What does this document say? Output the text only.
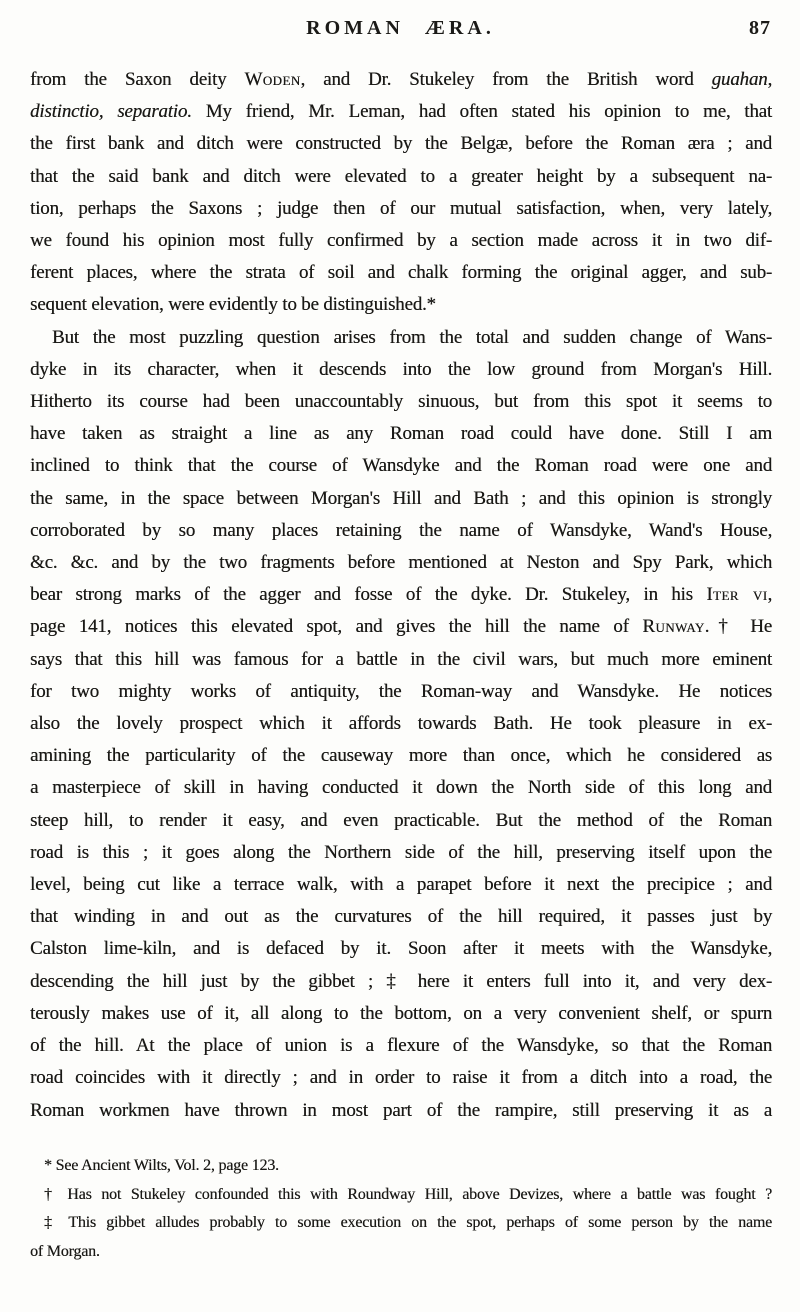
ROMAN ÆRA.	87
from the Saxon deity Woden, and Dr. Stukeley from the British word guahan,
distinctio, separatio. My friend, Mr. Leman, had often stated his opinion to me, that
the first bank and ditch were constructed by the Belgæ, before the Roman æra ; and
that the said bank and ditch were elevated to a greater height by a subsequent na-
tion, perhaps the Saxons ; judge then of our mutual satisfaction, when, very lately,
we found his opinion most fully confirmed by a section made across it in two dif-
ferent places, where the strata of soil and chalk forming the original agger, and sub-
sequent elevation, were evidently to be distinguished.*
But the most puzzling question arises from the total and sudden change of Wans-
dyke in its character, when it descends into the low ground from Morgan's Hill.
Hitherto its course had been unaccountably sinuous, but from this spot it seems to
have taken as straight a line as any Roman road could have done. Still I am
inclined to think that the course of Wansdyke and the Roman road were one and
the same, in the space between Morgan's Hill and Bath ; and this opinion is strongly
corroborated by so many places retaining the name of Wansdyke, Wand's House,
&c. &c. and by the two fragments before mentioned at Neston and Spy Park, which
bear strong marks of the agger and fosse of the dyke. Dr. Stukeley, in his Iter vi,
page 141, notices this elevated spot, and gives the hill the name of Runway.† He
says that this hill was famous for a battle in the civil wars, but much more eminent
for two mighty works of antiquity, the Roman-way and Wansdyke. He notices
also the lovely prospect which it affords towards Bath. He took pleasure in ex-
amining the particularity of the causeway more than once, which he considered as
a masterpiece of skill in having conducted it down the North side of this long and
steep hill, to render it easy, and even practicable. But the method of the Roman
road is this ; it goes along the Northern side of the hill, preserving itself upon the
level, being cut like a terrace walk, with a parapet before it next the precipice ; and
that winding in and out as the curvatures of the hill required, it passes just by
Calston lime-kiln, and is defaced by it. Soon after it meets with the Wansdyke,
descending the hill just by the gibbet ; ‡ here it enters full into it, and very dex-
terously makes use of it, all along to the bottom, on a very convenient shelf, or spurn
of the hill. At the place of union is a flexure of the Wansdyke, so that the Roman
road coincides with it directly ; and in order to raise it from a ditch into a road, the
Roman workmen have thrown in most part of the rampire, still preserving it as a
* See Ancient Wilts, Vol. 2, page 123.
† Has not Stukeley confounded this with Roundway Hill, above Devizes, where a battle was fought ?
‡ This gibbet alludes probably to some execution on the spot, perhaps of some person by the name
of Morgan.
